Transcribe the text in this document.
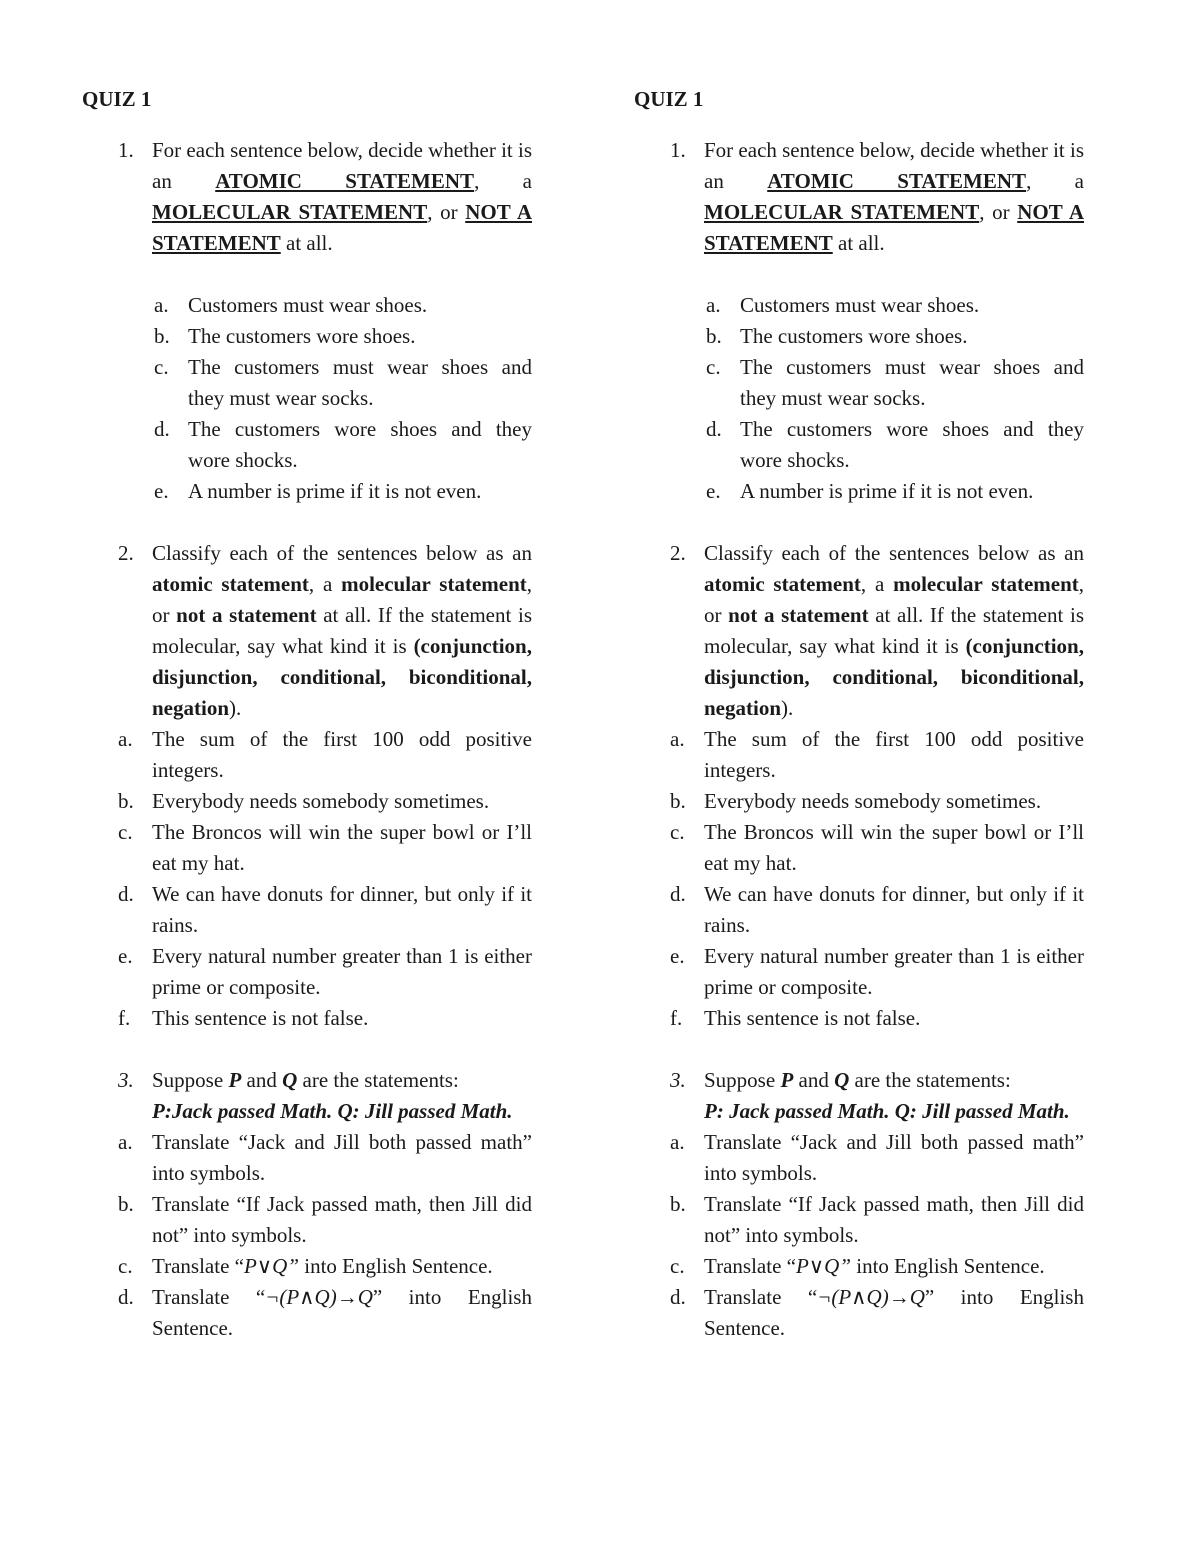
QUIZ 1
1. For each sentence below, decide whether it is an ATOMIC STATEMENT, a MOLECULAR STATEMENT, or NOT A STATEMENT at all.
a. Customers must wear shoes.
b. The customers wore shoes.
c. The customers must wear shoes and they must wear socks.
d. The customers wore shoes and they wore shocks.
e. A number is prime if it is not even.
2. Classify each of the sentences below as an atomic statement, a molecular statement, or not a statement at all. If the statement is molecular, say what kind it is (conjunction, disjunction, conditional, biconditional, negation).
a. The sum of the first 100 odd positive integers.
b. Everybody needs somebody sometimes.
c. The Broncos will win the super bowl or I’ll eat my hat.
d. We can have donuts for dinner, but only if it rains.
e. Every natural number greater than 1 is either prime or composite.
f. This sentence is not false.
3. Suppose P and Q are the statements:
P:Jack passed Math. Q: Jill passed Math.
a. Translate “Jack and Jill both passed math” into symbols.
b. Translate “If Jack passed math, then Jill did not” into symbols.
c. Translate “P∨Q” into English Sentence.
d. Translate “¬(P∧Q)→Q” into English Sentence.
QUIZ 1
1. For each sentence below, decide whether it is an ATOMIC STATEMENT, a MOLECULAR STATEMENT, or NOT A STATEMENT at all.
a. Customers must wear shoes.
b. The customers wore shoes.
c. The customers must wear shoes and they must wear socks.
d. The customers wore shoes and they wore shocks.
e. A number is prime if it is not even.
2. Classify each of the sentences below as an atomic statement, a molecular statement, or not a statement at all. If the statement is molecular, say what kind it is (conjunction, disjunction, conditional, biconditional, negation).
a. The sum of the first 100 odd positive integers.
b. Everybody needs somebody sometimes.
c. The Broncos will win the super bowl or I’ll eat my hat.
d. We can have donuts for dinner, but only if it rains.
e. Every natural number greater than 1 is either prime or composite.
f. This sentence is not false.
3. Suppose P and Q are the statements:
P: Jack passed Math. Q: Jill passed Math.
a. Translate “Jack and Jill both passed math” into symbols.
b. Translate “If Jack passed math, then Jill did not” into symbols.
c. Translate “P∨Q” into English Sentence.
d. Translate “¬(P∧Q)→Q” into English Sentence.
